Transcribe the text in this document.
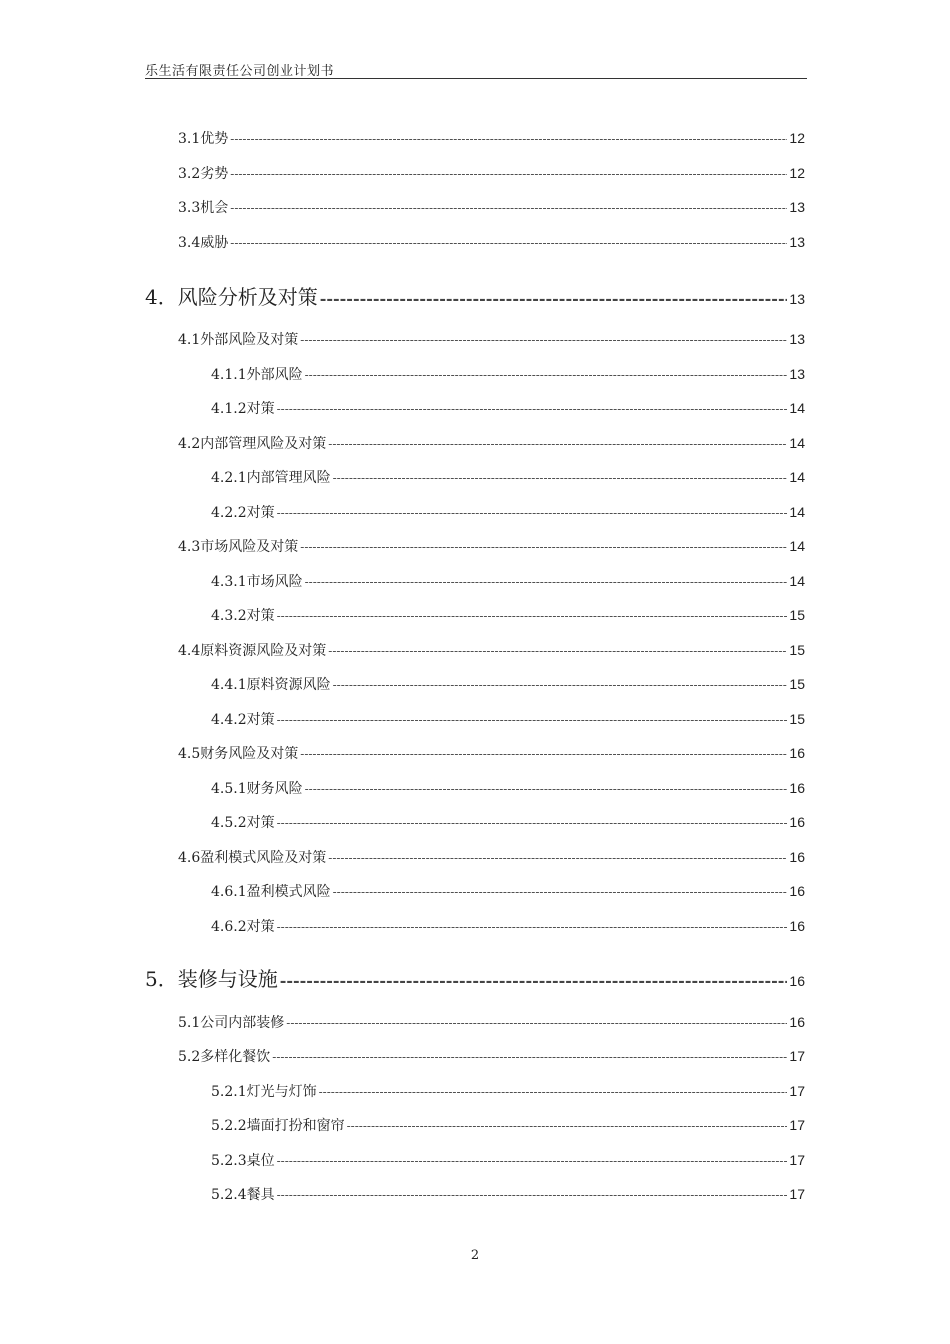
乐生活有限责任公司创业计划书
3.1优势 -----	12
3.2劣势 -----	12
3.3机会 -----	13
3.4威胁 -----	13
4．风险分析及对策 -----	13
4.1外部风险及对策 -----	13
4.1.1外部风险 -----	13
4.1.2对策 -----	14
4.2内部管理风险及对策 -----	14
4.2.1内部管理风险 -----	14
4.2.2对策 -----	14
4.3市场风险及对策 -----	14
4.3.1市场风险 -----	14
4.3.2对策 -----	15
4.4原料资源风险及对策 -----	15
4.4.1原料资源风险 -----	15
4.4.2对策 -----	15
4.5财务风险及对策 -----	16
4.5.1财务风险 -----	16
4.5.2对策 -----	16
4.6盈利模式风险及对策 -----	16
4.6.1盈利模式风险 -----	16
4.6.2对策 -----	16
5．装修与设施 -----	16
5.1公司内部装修 -----	16
5.2多样化餐饮 -----	17
5.2.1灯光与灯饰 -----	17
5.2.2墙面打扮和窗帘 -----	17
5.2.3桌位 -----	17
5.2.4餐具 -----	17
2
